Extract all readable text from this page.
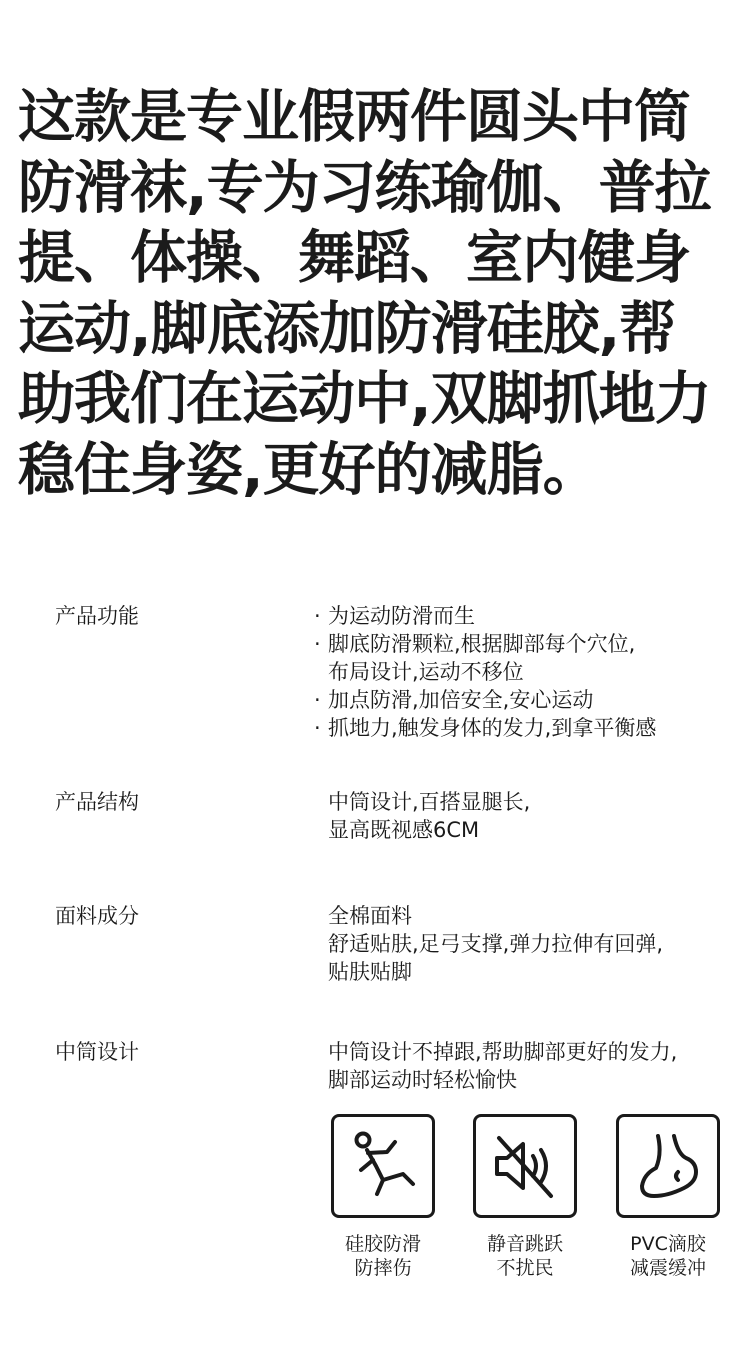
这款是专业假两件圆头中筒
防滑袜,专为习练瑜伽、普拉
提、体操、舞蹈、室内健身
运动,脚底添加防滑硅胶,帮
助我们在运动中,双脚抓地力
稳住身姿,更好的减脂。

产品功能	· 为运动防滑而生
· 脚底防滑颗粒,根据脚部每个穴位,
布局设计,运动不移位
· 加点防滑,加倍安全,安心运动
· 抓地力,触发身体的发力,到拿平衡感
产品结构	中筒设计,百搭显腿长,
显高既视感6CM
面料成分	全棉面料
舒适贴肤,足弓支撑,弹力拉伸有回弹,
贴肤贴脚
中筒设计	中筒设计不掉跟,帮助脚部更好的发力,
脚部运动时轻松愉快
硅胶防滑
防摔伤
静音跳跃
不扰民
PVC滴胶
减震缓冲
